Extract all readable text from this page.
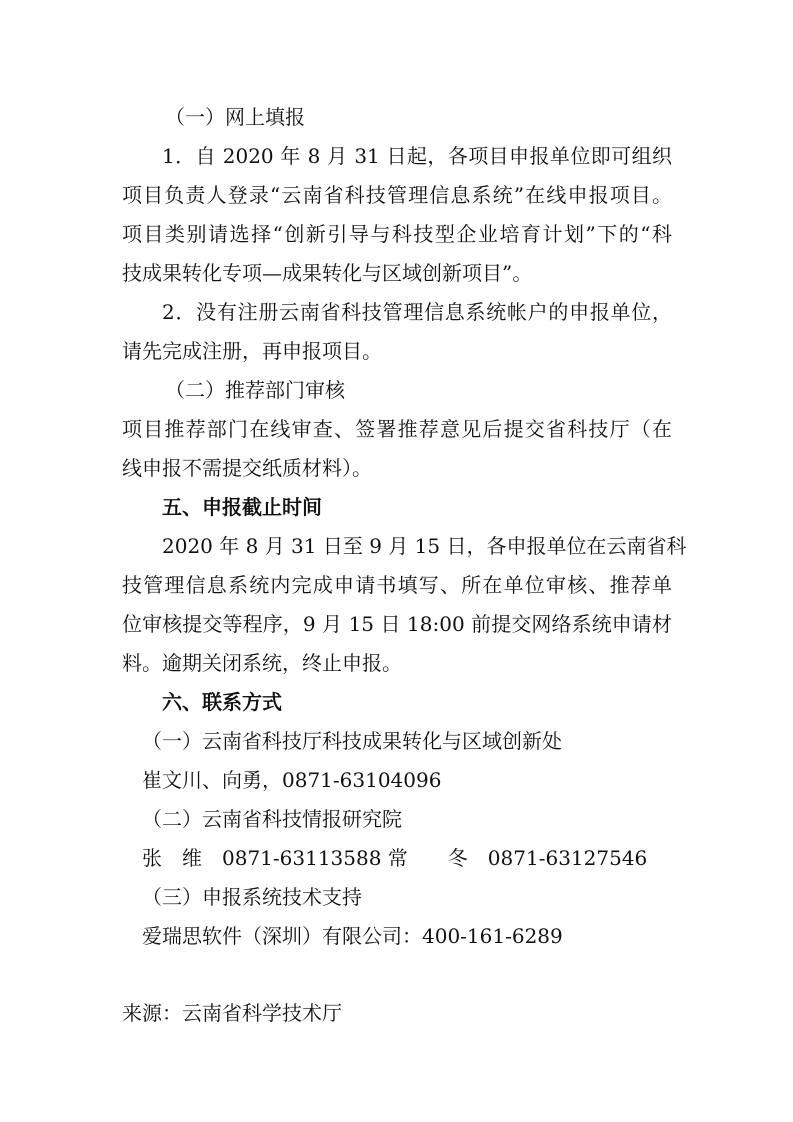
（一）网上填报
1．自 2020 年 8 月 31 日起，各项目申报单位即可组织
项目负责人登录“云南省科技管理信息系统”在线申报项目。
项目类别请选择“创新引导与科技型企业培育计划”下的“科
技成果转化专项—成果转化与区域创新项目”。
2．没有注册云南省科技管理信息系统帐户的申报单位，
请先完成注册，再申报项目。
（二）推荐部门审核
项目推荐部门在线审查、签署推荐意见后提交省科技厅（在
线申报不需提交纸质材料）。
五、申报截止时间
2020 年 8 月 31 日至 9 月 15 日，各申报单位在云南省科
技管理信息系统内完成申请书填写、所在单位审核、推荐单
位审核提交等程序，9 月 15 日 18:00 前提交网络系统申请材
料。逾期关闭系统，终止申报。
六、联系方式
（一）云南省科技厅科技成果转化与区域创新处
崔文川、向勇，0871-63104096
（二）云南省科技情报研究院
张　维　0871-63113588 常　　冬　0871-63127546
（三）申报系统技术支持
爱瑞思软件（深圳）有限公司：400-161-6289
来源：云南省科学技术厅
